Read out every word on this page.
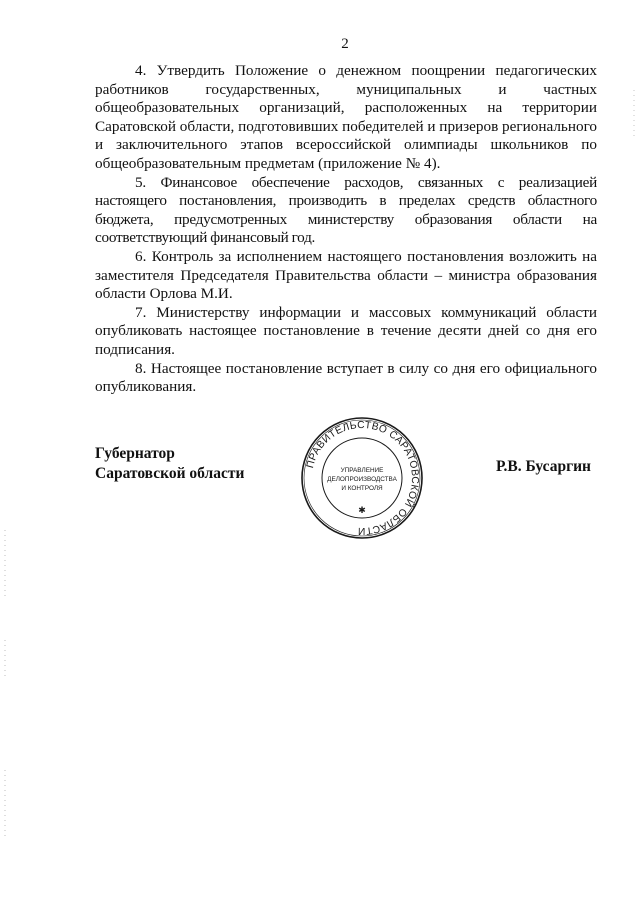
2

4. Утвердить Положение о денежном поощрении педагогических работников государственных, муниципальных и частных общеобразовательных организаций, расположенных на территории Саратовской области, подготовивших победителей и призеров регионального и заключительного этапов всероссийской олимпиады школьников по общеобразовательным предметам (приложение № 4).

5. Финансовое обеспечение расходов, связанных с реализацией настоящего постановления, производить в пределах средств областного бюджета, предусмотренных министерству образования области на соответствующий финансовый год.

6. Контроль за исполнением настоящего постановления возложить на заместителя Председателя Правительства области – министра образования области Орлова М.И.

7. Министерству информации и массовых коммуникаций области опубликовать настоящее постановление в течение десяти дней со дня его подписания.

8. Настоящее постановление вступает в силу со дня его официального опубликования.

Губернатор
Саратовской области
ПРАВИТЕЛЬСТВО САРАТОВСКОЙ ОБЛАСТИ
УПРАВЛЕНИЕ
ДЕЛОПРОИЗВОДСТВА
И КОНТРОЛЯ
✱
Р.В. Бусаргин
